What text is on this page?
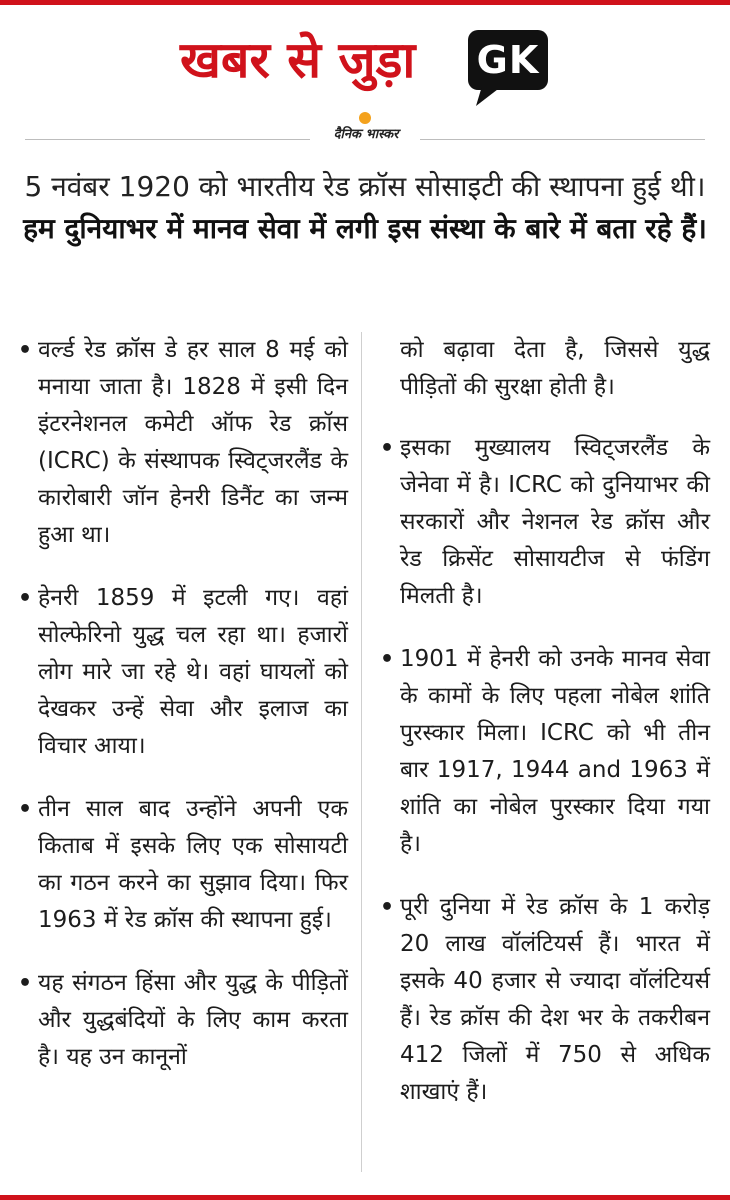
खबर से जुड़ा GK
दैनिक भास्कर
5 नवंबर 1920 को भारतीय रेड क्रॉस सोसाइटी की स्थापना हुई थी। हम दुनियाभर में मानव सेवा में लगी इस संस्था के बारे में बता रहे हैं।

• वर्ल्ड रेड क्रॉस डे हर साल 8 मई को मनाया जाता है। 1828 में इसी दिन इंटरनेशनल कमेटी ऑफ रेड क्रॉस (ICRC) के संस्थापक स्विट्जरलैंड के कारोबारी जॉन हेनरी डिनैंट का जन्म हुआ था।

• हेनरी 1859 में इटली गए। वहां सोल्फेरिनो युद्ध चल रहा था। हजारों लोग मारे जा रहे थे। वहां घायलों को देखकर उन्हें सेवा और इलाज का विचार आया।

• तीन साल बाद उन्होंने अपनी एक किताब में इसके लिए एक सोसायटी का गठन करने का सुझाव दिया। फिर 1963 में रेड क्रॉस की स्थापना हुई।

• यह संगठन हिंसा और युद्ध के पीड़ितों और युद्धबंदियों के लिए काम करता है। यह उन कानूनों

को बढ़ावा देता है, जिससे युद्ध पीड़ितों की सुरक्षा होती है।

• इसका मुख्यालय स्विट्जरलैंड के जेनेवा में है। ICRC को दुनियाभर की सरकारों और नेशनल रेड क्रॉस और रेड क्रिसेंट सोसायटीज से फंडिंग मिलती है।

• 1901 में हेनरी को उनके मानव सेवा के कामों के लिए पहला नोबेल शांति पुरस्कार मिला। ICRC को भी तीन बार 1917, 1944 and 1963 में शांति का नोबेल पुरस्कार दिया गया है।

• पूरी दुनिया में रेड क्रॉस के 1 करोड़ 20 लाख वॉलंटियर्स हैं। भारत में इसके 40 हजार से ज्यादा वॉलंटियर्स हैं। रेड क्रॉस की देश भर के तकरीबन 412 जिलों में 750 से अधिक शाखाएं हैं।
